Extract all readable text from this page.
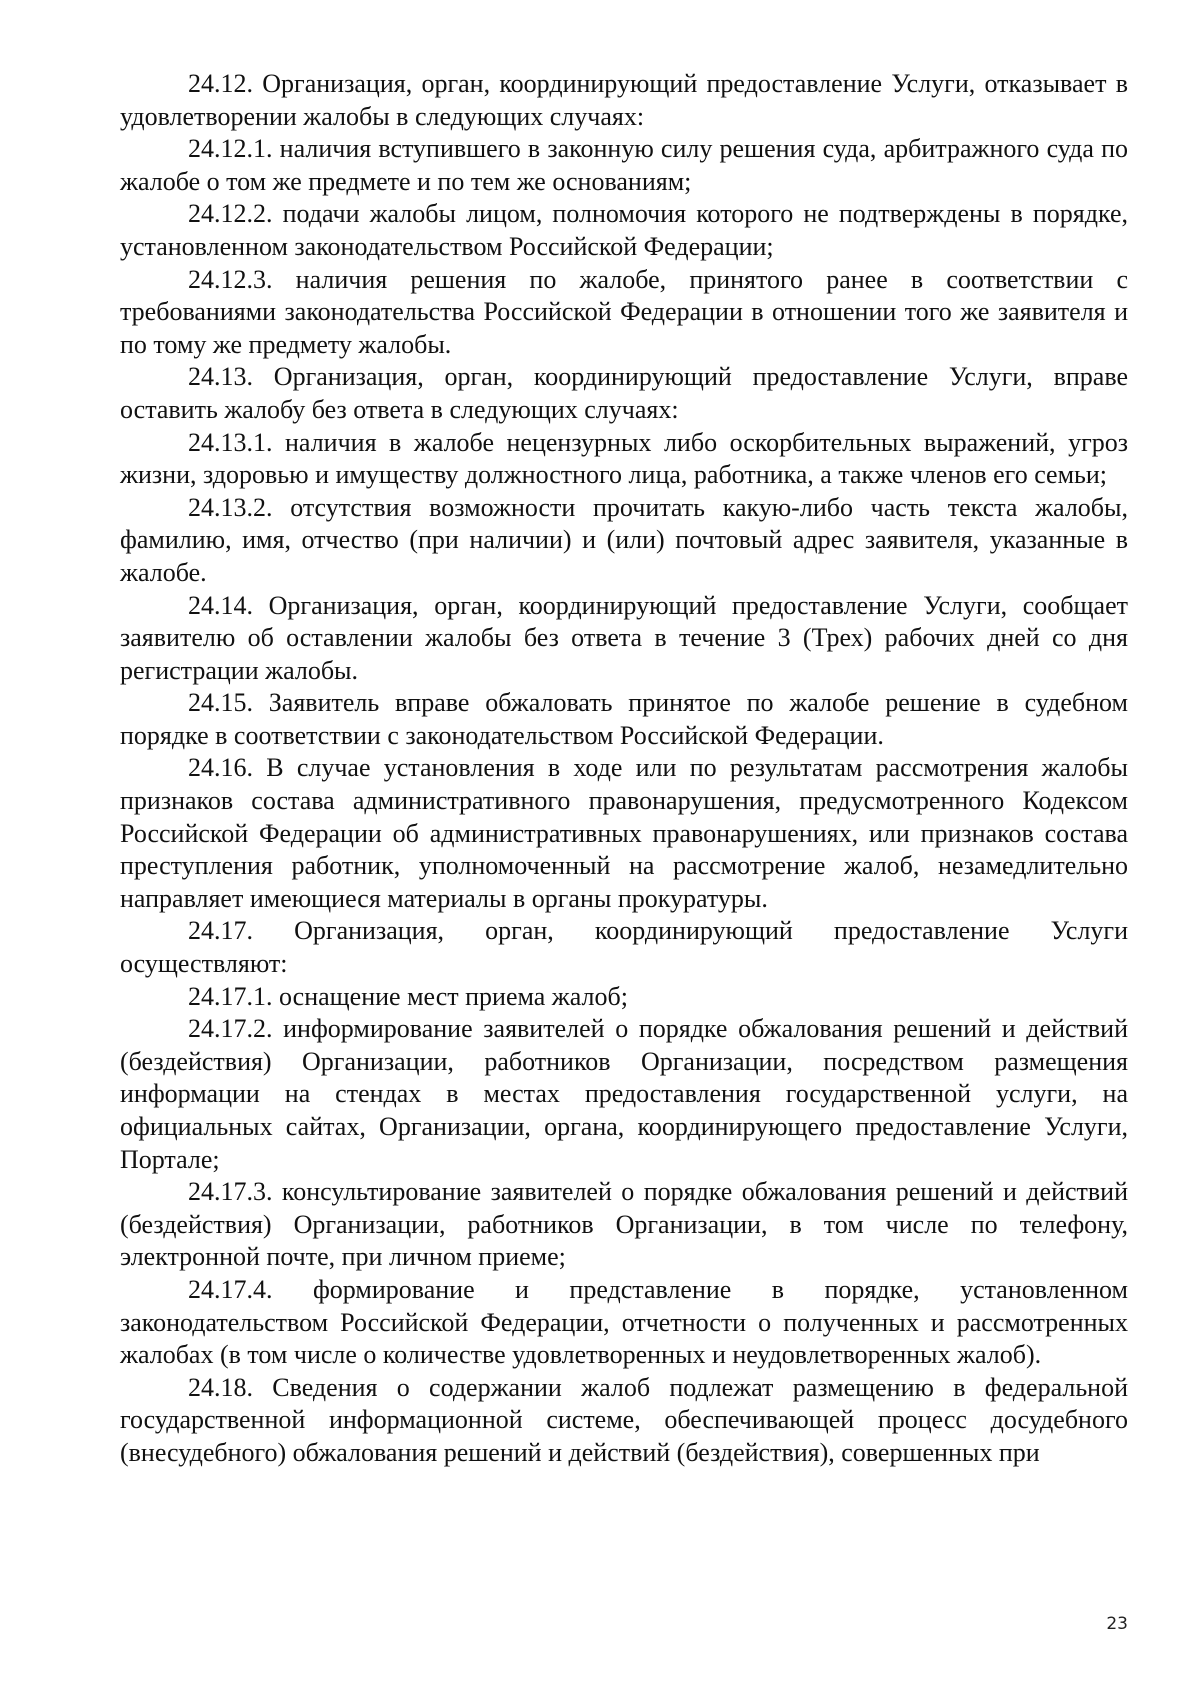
24.12. Организация, орган, координирующий предоставление Услуги, отказывает в удовлетворении жалобы в следующих случаях:

24.12.1. наличия вступившего в законную силу решения суда, арбитражного суда по жалобе о том же предмете и по тем же основаниям;

24.12.2. подачи жалобы лицом, полномочия которого не подтверждены в порядке, установленном законодательством Российской Федерации;

24.12.3. наличия решения по жалобе, принятого ранее в соответствии с требованиями законодательства Российской Федерации в отношении того же заявителя и по тому же предмету жалобы.

24.13. Организация, орган, координирующий предоставление Услуги, вправе оставить жалобу без ответа в следующих случаях:

24.13.1. наличия в жалобе нецензурных либо оскорбительных выражений, угроз жизни, здоровью и имуществу должностного лица, работника, а также членов его семьи;

24.13.2. отсутствия возможности прочитать какую-либо часть текста жалобы, фамилию, имя, отчество (при наличии) и (или) почтовый адрес заявителя, указанные в жалобе.

24.14. Организация, орган, координирующий предоставление Услуги, сообщает заявителю об оставлении жалобы без ответа в течение 3 (Трех) рабочих дней со дня регистрации жалобы.

24.15. Заявитель вправе обжаловать принятое по жалобе решение в судебном порядке в соответствии с законодательством Российской Федерации.

24.16. В случае установления в ходе или по результатам рассмотрения жалобы признаков состава административного правонарушения, предусмотренного Кодексом Российской Федерации об административных правонарушениях, или признаков состава преступления работник, уполномоченный на рассмотрение жалоб, незамедлительно направляет имеющиеся материалы в органы прокуратуры.

24.17. Организация, орган, координирующий предоставление Услуги осуществляют:

24.17.1. оснащение мест приема жалоб;

24.17.2. информирование заявителей о порядке обжалования решений и действий (бездействия) Организации, работников Организации, посредством размещения информации на стендах в местах предоставления государственной услуги, на официальных сайтах, Организации, органа, координирующего предоставление Услуги, Портале;

24.17.3. консультирование заявителей о порядке обжалования решений и действий (бездействия) Организации, работников Организации, в том числе по телефону, электронной почте, при личном приеме;

24.17.4. формирование и представление в порядке, установленном законодательством Российской Федерации, отчетности о полученных и рассмотренных жалобах (в том числе о количестве удовлетворенных и неудовлетворенных жалоб).

24.18. Сведения о содержании жалоб подлежат размещению в федеральной государственной информационной системе, обеспечивающей процесс досудебного (внесудебного) обжалования решений и действий (бездействия), совершенных при

23
